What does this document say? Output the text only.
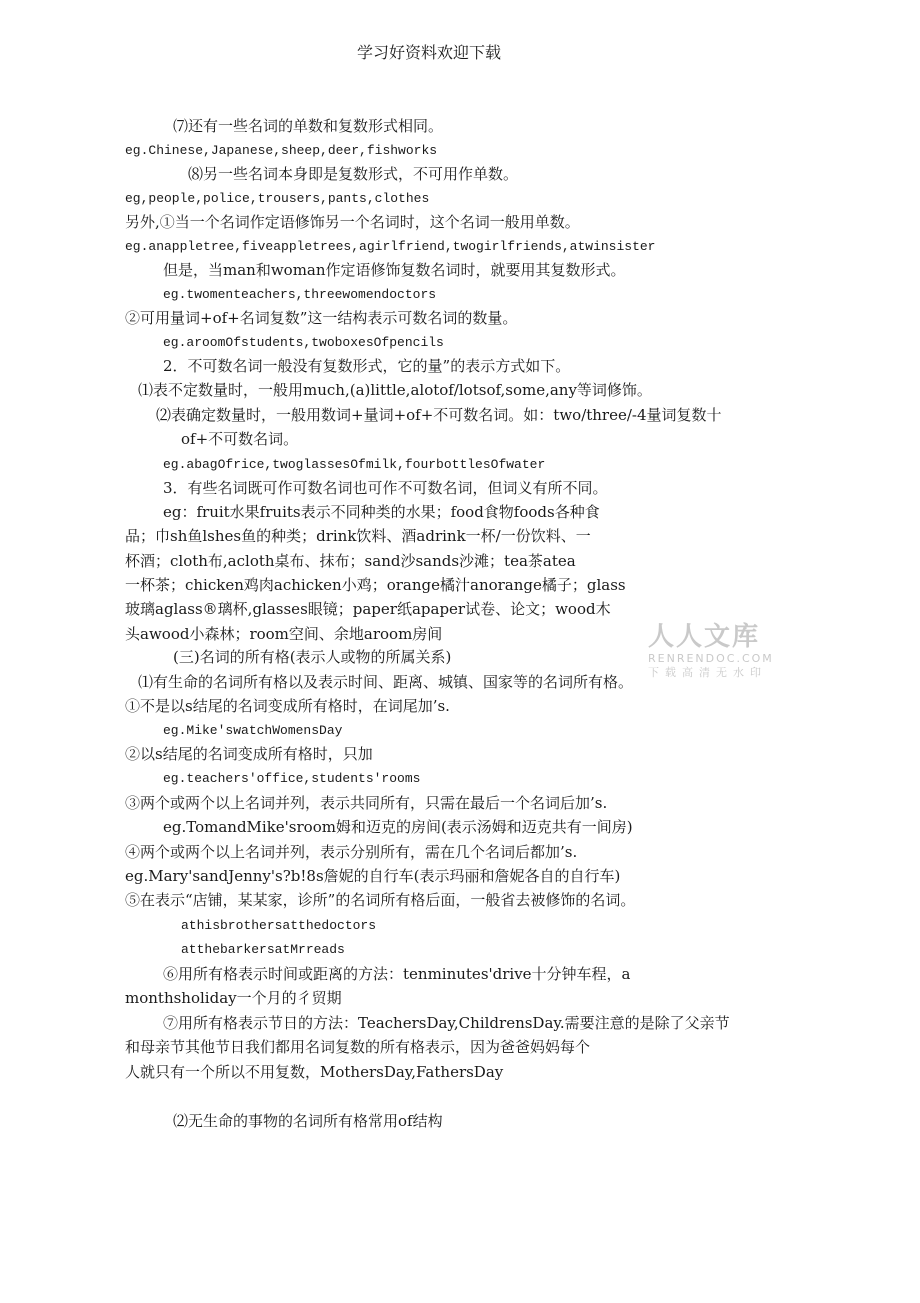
学习好资料欢迎下载
人人文库
RENRENDOC.COM
下载高清无水印
⑺还有一些名词的单数和复数形式相同。
eg.Chinese,Japanese,sheep,deer,fishworks
⑻另一些名词本身即是复数形式，不可用作单数。
eg,people,police,trousers,pants,clothes
另外,①当一个名词作定语修饰另一个名词时，这个名词一般用单数。
eg.anappletree,fiveappletrees,agirlfriend,twogirlfriends,atwinsister
但是，当man和woman作定语修饰复数名词时，就要用其复数形式。
eg.twomenteachers,threewomendoctors
②可用量词+of+名词复数”这一结构表示可数名词的数量。
eg.aroomOfstudents,twoboxesOfpencils
2．不可数名词一般没有复数形式，它的量”的表示方式如下。
⑴表不定数量时，一般用much,(a)little,alotof/lotsof,some,any等词修饰。
⑵表确定数量时，一般用数词+量词+of+不可数名词。如：two/three/-4量词复数十
of+不可数名词。
eg.abagOfrice,twoglassesOfmilk,fourbottlesOfwater
3．有些名词既可作可数名词也可作不可数名词，但词义有所不同。
eg：fruit水果fruits表示不同种类的水果；food食物foods各种食
品；巾sh鱼lshes鱼的种类；drink饮料、酒adrink一杯/一份饮料、一
杯酒；cloth布,acloth桌布、抹布；sand沙sands沙滩；tea茶atea
一杯茶；chicken鸡肉achicken小鸡；orange橘汁anorange橘子；glass
玻璃aglass®璃杯,glasses眼镜；paper纸apaper试卷、论文；wood木
头awood小森林；room空间、余地aroom房间
(三)名词的所有格(表示人或物的所属关系)
⑴有生命的名词所有格以及表示时间、距离、城镇、国家等的名词所有格。
①不是以s结尾的名词变成所有格时，在词尾加’s.
eg.Mike'swatchWomensDay
②以s结尾的名词变成所有格时，只加
eg.teachers'office,students'rooms
③两个或两个以上名词并列，表示共同所有，只需在最后一个名词后加’s.
eg.TomandMike'sroom姆和迈克的房间(表示汤姆和迈克共有一间房)
④两个或两个以上名词并列，表示分别所有，需在几个名词后都加’s.
eg.Mary'sandJenny's?b!8s詹妮的自行车(表示玛丽和詹妮各自的自行车)
⑤在表示“店铺，某某家，诊所”的名词所有格后面，一般省去被修饰的名词。
athisbrothersatthedoctors
atthebarkersatMrreads
⑥用所有格表示时间或距离的方法：tenminutes'drive十分钟车程，a
monthsholiday一个月的彳贸期
⑦用所有格表示节日的方法：TeachersDay,ChildrensDay.需要注意的是除了父亲节
和母亲节其他节日我们都用名词复数的所有格表示，因为爸爸妈妈每个
人就只有一个所以不用复数，MothersDay,FathersDay
⑵无生命的事物的名词所有格常用of结构
